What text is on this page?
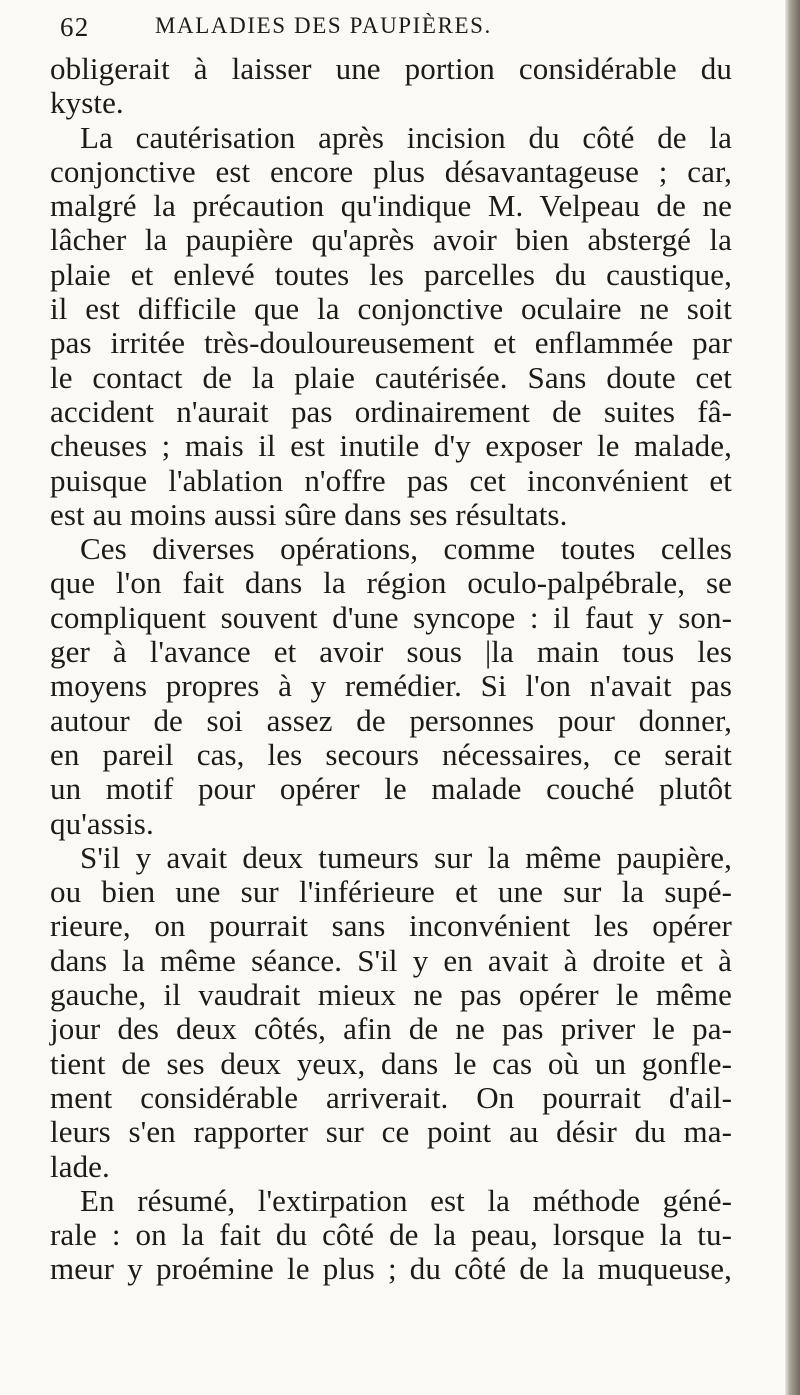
62	MALADIES DES PAUPIÈRES.
obligerait à laisser une portion considérable du
kyste.
La cautérisation après incision du côté de la
conjonctive est encore plus désavantageuse ; car,
malgré la précaution qu'indique M. Velpeau de ne
lâcher la paupière qu'après avoir bien abstergé la
plaie et enlevé toutes les parcelles du caustique,
il est difficile que la conjonctive oculaire ne soit
pas irritée très-douloureusement et enflammée par
le contact de la plaie cautérisée. Sans doute cet
accident n'aurait pas ordinairement de suites fâ-
cheuses ; mais il est inutile d'y exposer le malade,
puisque l'ablation n'offre pas cet inconvénient et
est au moins aussi sûre dans ses résultats.
Ces diverses opérations, comme toutes celles
que l'on fait dans la région oculo-palpébrale, se
compliquent souvent d'une syncope : il faut y son-
ger à l'avance et avoir sous |la main tous les
moyens propres à y remédier. Si l'on n'avait pas
autour de soi assez de personnes pour donner,
en pareil cas, les secours nécessaires, ce serait
un motif pour opérer le malade couché plutôt
qu'assis.
S'il y avait deux tumeurs sur la même paupière,
ou bien une sur l'inférieure et une sur la supé-
rieure, on pourrait sans inconvénient les opérer
dans la même séance. S'il y en avait à droite et à
gauche, il vaudrait mieux ne pas opérer le même
jour des deux côtés, afin de ne pas priver le pa-
tient de ses deux yeux, dans le cas où un gonfle-
ment considérable arriverait. On pourrait d'ail-
leurs s'en rapporter sur ce point au désir du ma-
lade.
En résumé, l'extirpation est la méthode géné-
rale : on la fait du côté de la peau, lorsque la tu-
meur y proémine le plus ; du côté de la muqueuse,
